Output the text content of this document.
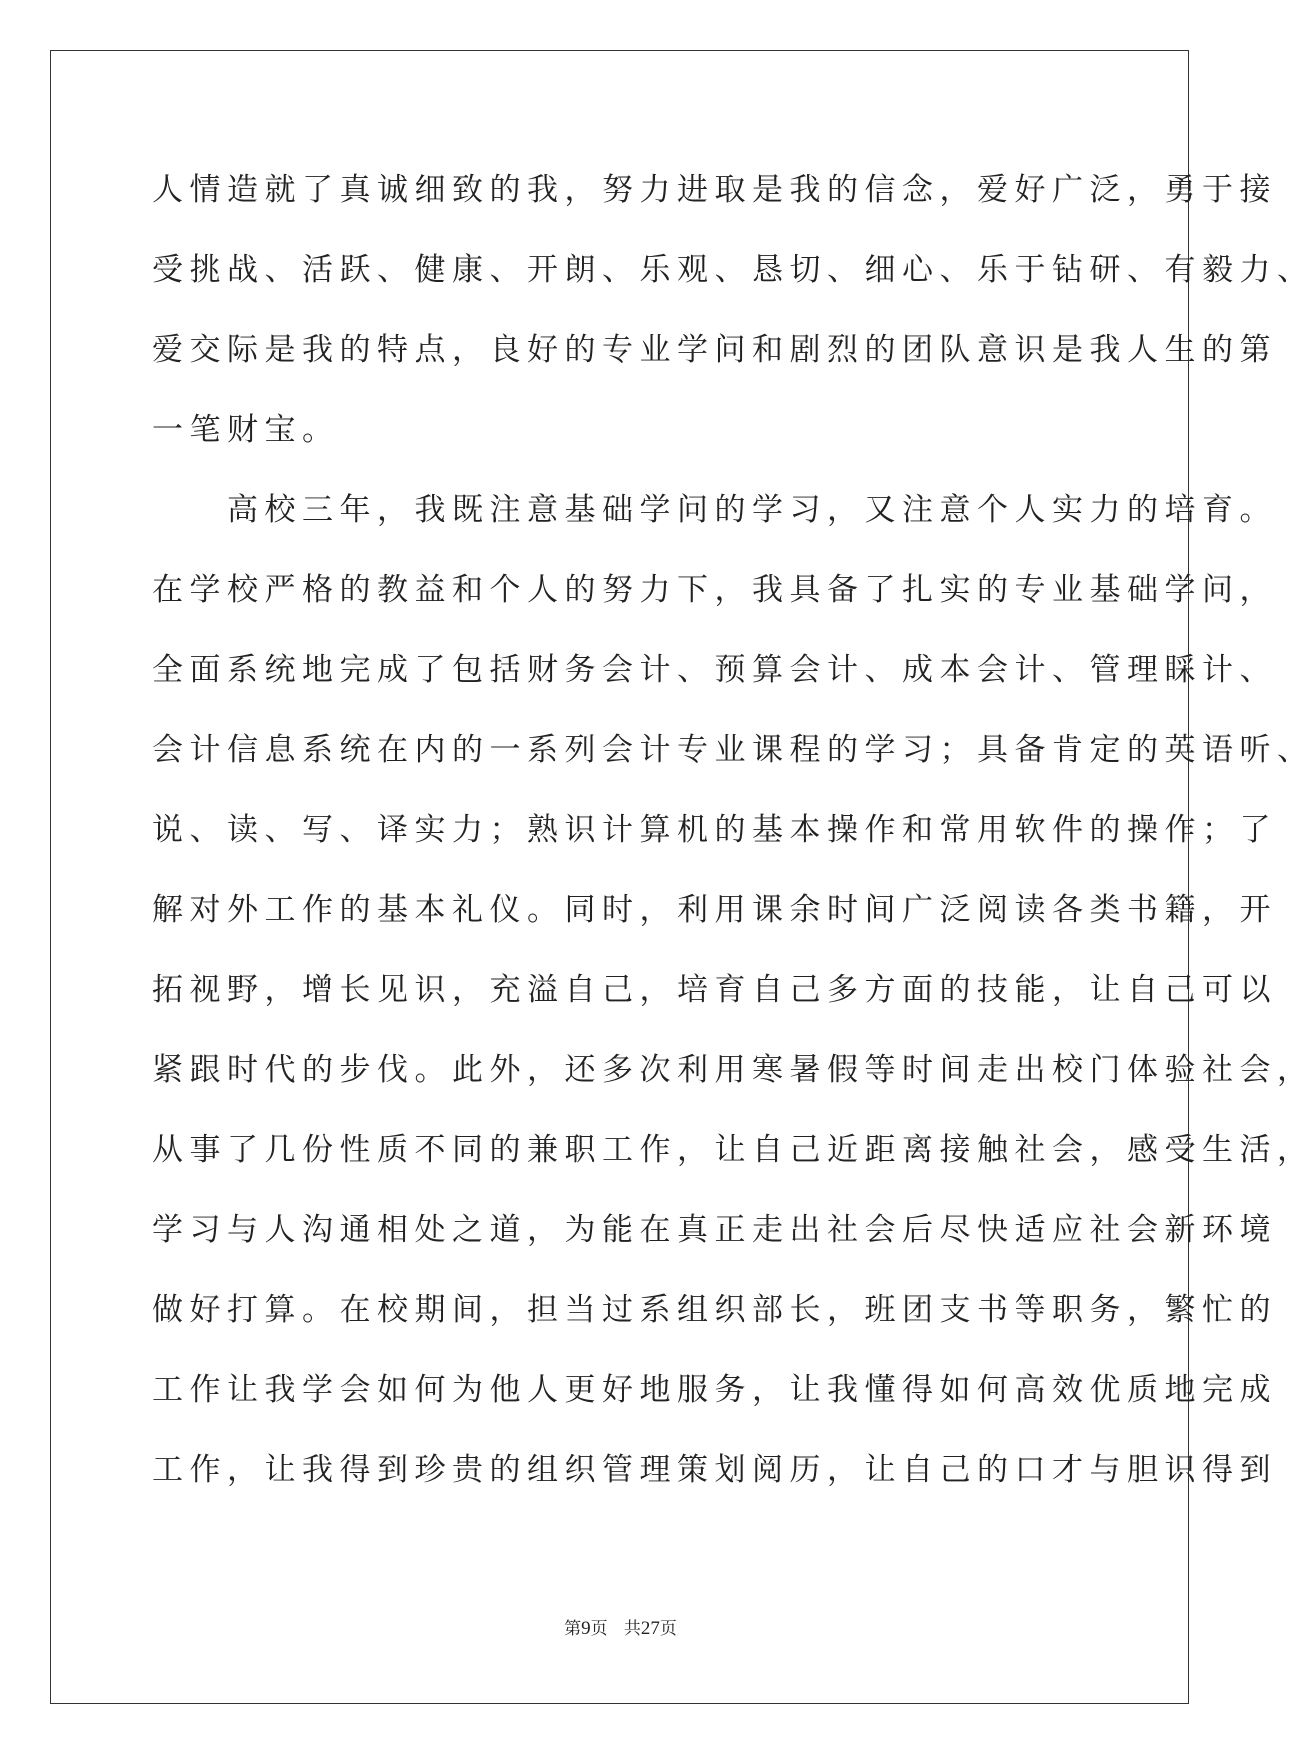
人情造就了真诚细致的我，努力进取是我的信念，爱好广泛，勇于接
受挑战、活跃、健康、开朗、乐观、恳切、细心、乐于钻研、有毅力、
爱交际是我的特点，良好的专业学问和剧烈的团队意识是我人生的第
一笔财宝。
　　高校三年，我既注意基础学问的学习，又注意个人实力的培育。
在学校严格的教益和个人的努力下，我具备了扎实的专业基础学问，
全面系统地完成了包括财务会计、预算会计、成本会计、管理睬计、
会计信息系统在内的一系列会计专业课程的学习；具备肯定的英语听、
说、读、写、译实力；熟识计算机的基本操作和常用软件的操作；了
解对外工作的基本礼仪。同时，利用课余时间广泛阅读各类书籍，开
拓视野，增长见识，充溢自己，培育自己多方面的技能，让自己可以
紧跟时代的步伐。此外，还多次利用寒暑假等时间走出校门体验社会，
从事了几份性质不同的兼职工作，让自己近距离接触社会，感受生活，
学习与人沟通相处之道，为能在真正走出社会后尽快适应社会新环境
做好打算。在校期间，担当过系组织部长，班团支书等职务，繁忙的
工作让我学会如何为他人更好地服务，让我懂得如何高效优质地完成
工作，让我得到珍贵的组织管理策划阅历，让自己的口才与胆识得到
第9页 共27页
